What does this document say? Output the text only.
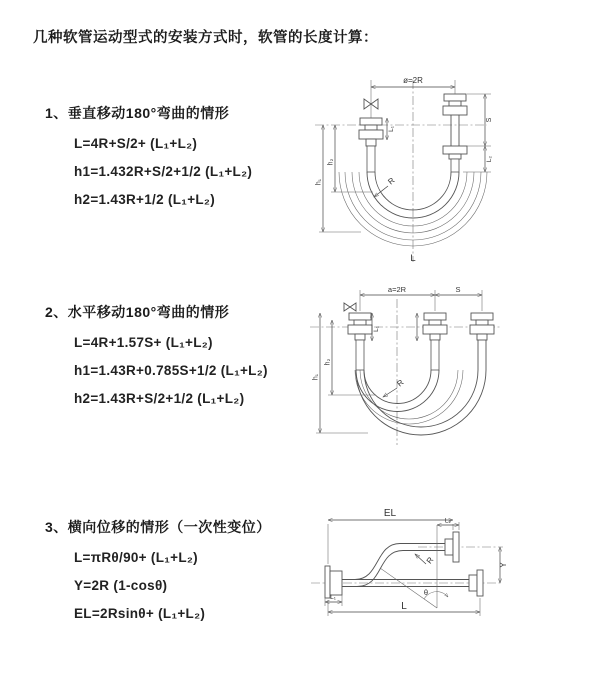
几种软管运动型式的安装方式时，软管的长度计算：
1、垂直移动180°弯曲的情形
L=4R+S/2+ (L₁+L₂)
h1=1.432R+S/2+1/2 (L₁+L₂)
h2=1.43R+1/2 (L₁+L₂)
2、水平移动180°弯曲的情形
L=4R+1.57S+ (L₁+L₂)
h1=1.43R+0.785S+1/2 (L₁+L₂)
h2=1.43R+S/2+1/2 (L₁+L₂)
3、横向位移的情形（一次性变位）
L=πRθ/90+ (L₁+L₂)
Y=2R (1-cosθ)
EL=2Rsinθ+ (L₁+L₂)
ø=2R
L₁
S
L₂
h₁
h₂
R
L
a=2R	S
L₁
h₁
h₂
R
EL
L₂
θ
Y
R
L₁
L
